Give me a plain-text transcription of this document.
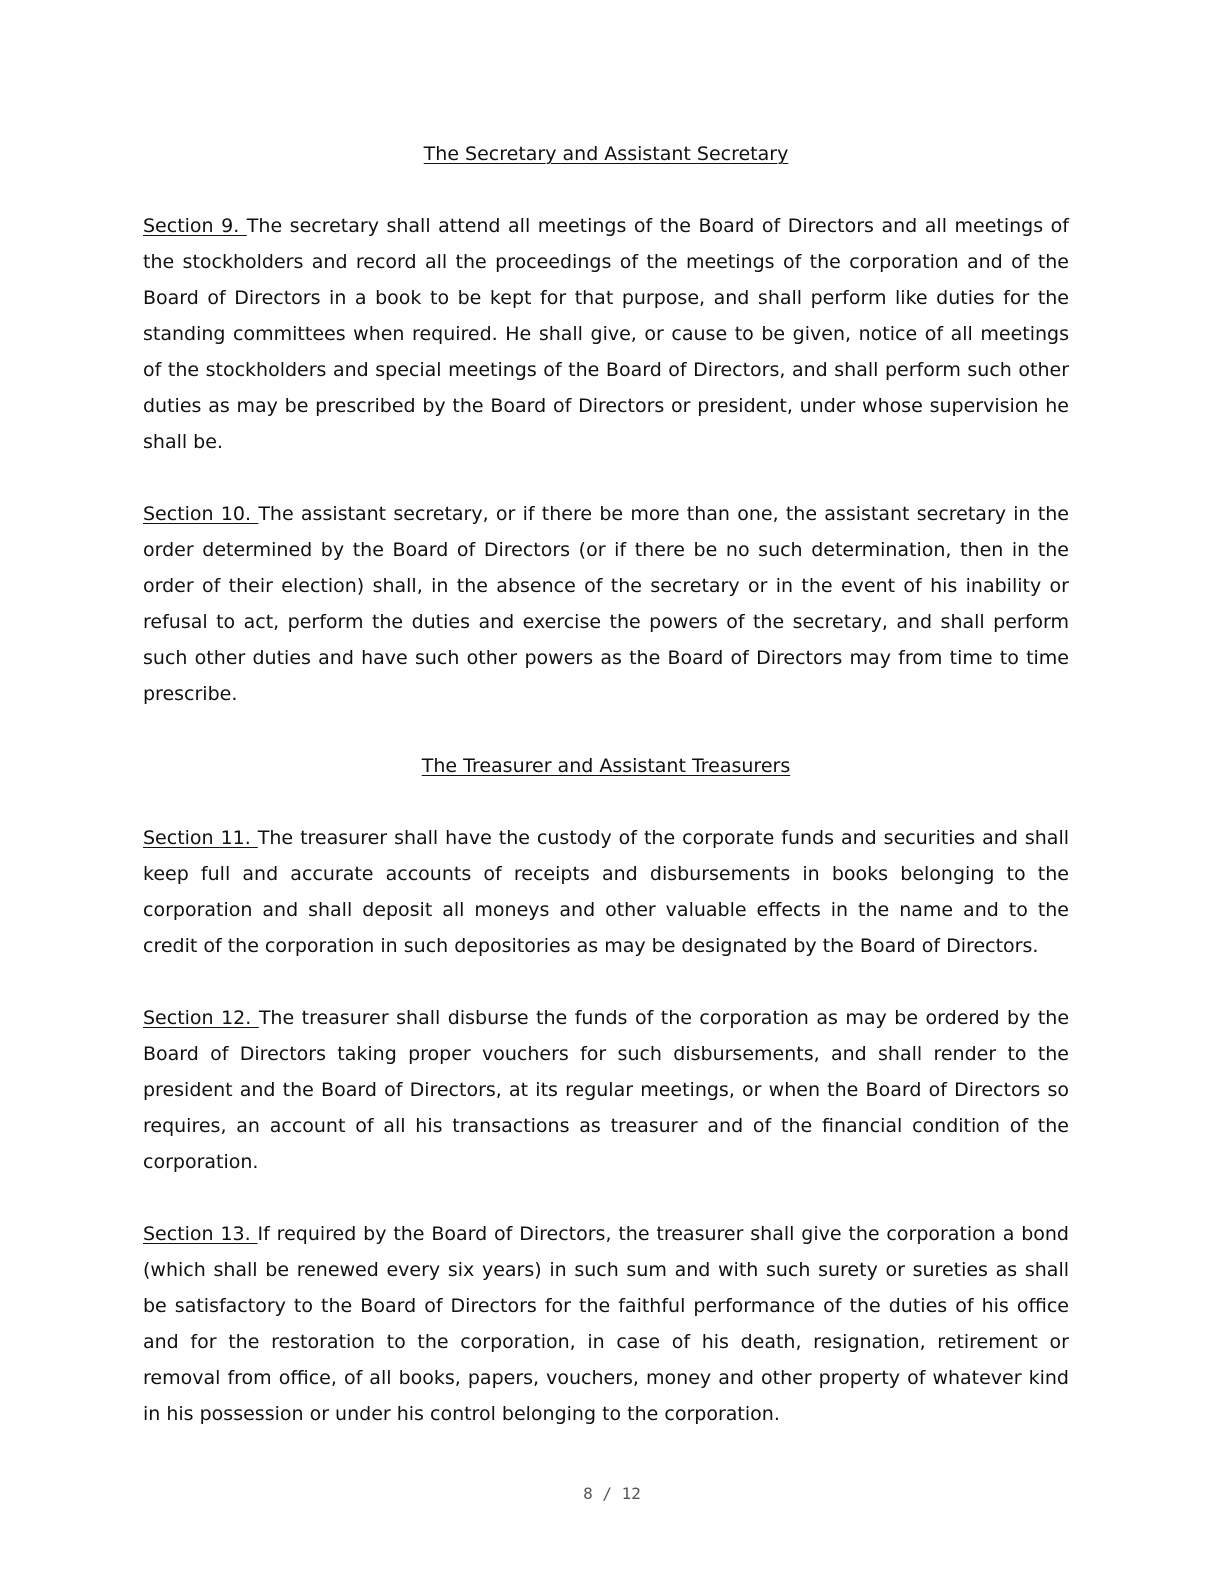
The Secretary and Assistant Secretary

Section 9. The secretary shall attend all meetings of the Board of Directors and all meetings of the stockholders and record all the proceedings of the meetings of the corporation and of the Board of Directors in a book to be kept for that purpose, and shall perform like duties for the standing committees when required. He shall give, or cause to be given, notice of all meetings of the stockholders and special meetings of the Board of Directors, and shall perform such other duties as may be prescribed by the Board of Directors or president, under whose supervision he shall be.

Section 10. The assistant secretary, or if there be more than one, the assistant secretary in the order determined by the Board of Directors (or if there be no such determination, then in the order of their election) shall, in the absence of the secretary or in the event of his inability or refusal to act, perform the duties and exercise the powers of the secretary, and shall perform such other duties and have such other powers as the Board of Directors may from time to time prescribe.

The Treasurer and Assistant Treasurers

Section 11. The treasurer shall have the custody of the corporate funds and securities and shall keep full and accurate accounts of receipts and disbursements in books belonging to the corporation and shall deposit all moneys and other valuable effects in the name and to the credit of the corporation in such depositories as may be designated by the Board of Directors.

Section 12. The treasurer shall disburse the funds of the corporation as may be ordered by the Board of Directors taking proper vouchers for such disbursements, and shall render to the president and the Board of Directors, at its regular meetings, or when the Board of Directors so requires, an account of all his transactions as treasurer and of the financial condition of the corporation.

Section 13. If required by the Board of Directors, the treasurer shall give the corporation a bond (which shall be renewed every six years) in such sum and with such surety or sureties as shall be satisfactory to the Board of Directors for the faithful performance of the duties of his office and for the restoration to the corporation, in case of his death, resignation, retirement or removal from office, of all books, papers, vouchers, money and other property of whatever kind in his possession or under his control belonging to the corporation.

8 / 12
